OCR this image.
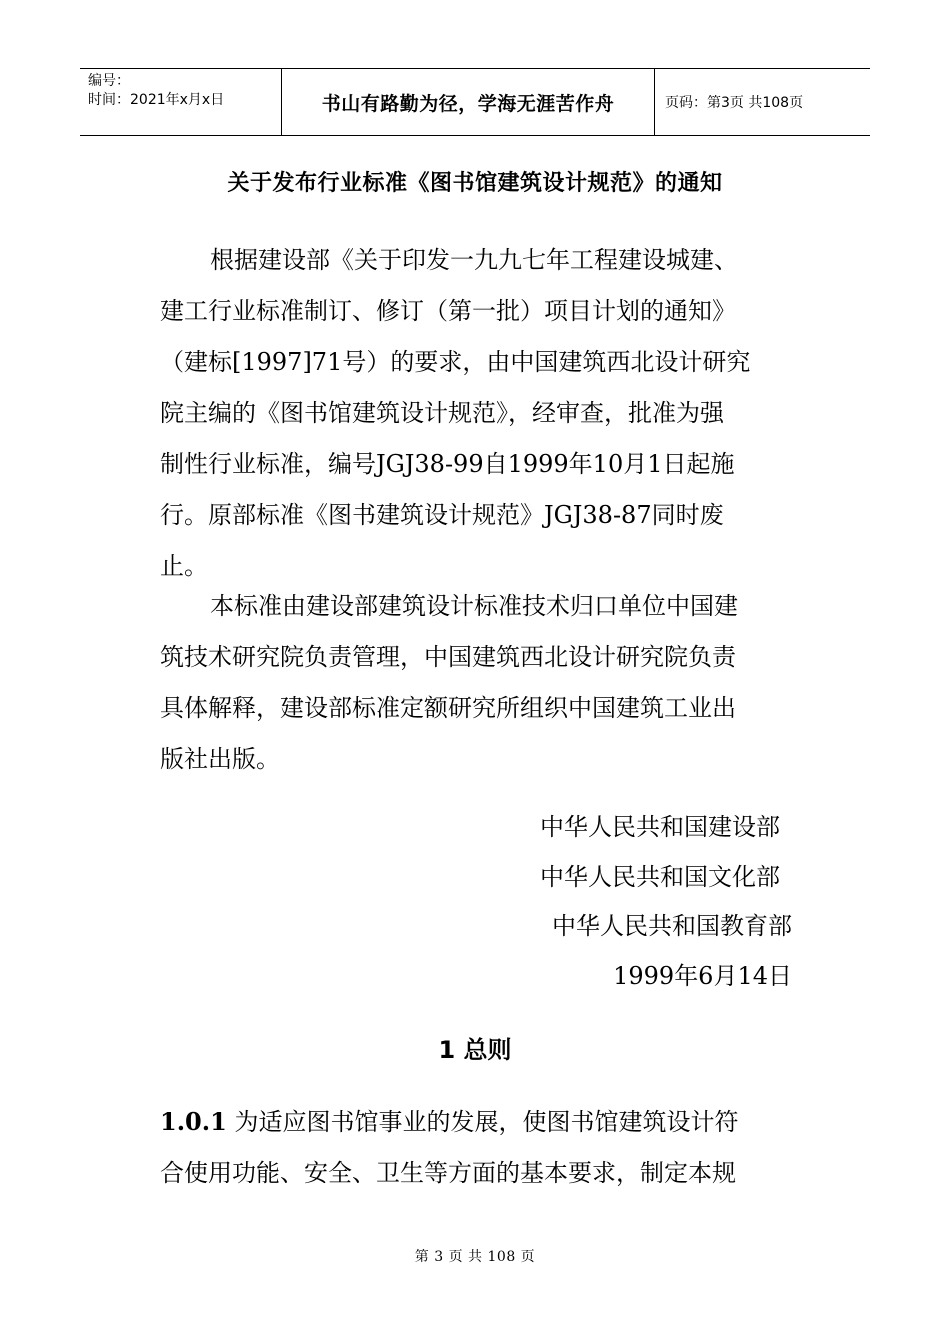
编号：
时间：2021年x月x日	书山有路勤为径，学海无涯苦作舟	页码：第3页 共108页
关于发布行业标准《图书馆建筑设计规范》的通知

根据建设部《关于印发一九九七年工程建设城建、
建工行业标准制订、修订（第一批）项目计划的通知》
（建标[1997]71号）的要求，由中国建筑西北设计研究
院主编的《图书馆建筑设计规范》，经审查，批准为强
制性行业标准，编号JGJ38-99自1999年10月1日起施
行。原部标准《图书建筑设计规范》JGJ38-87同时废
止。

本标准由建设部建筑设计标准技术归口单位中国建
筑技术研究院负责管理，中国建筑西北设计研究院负责
具体解释，建设部标准定额研究所组织中国建筑工业出
版社出版。

中华人民共和国建设部
中华人民共和国文化部
中华人民共和国教育部
1999年6月14日

1 总则

1.0.1 为适应图书馆事业的发展，使图书馆建筑设计符
合使用功能、安全、卫生等方面的基本要求，制定本规

第 3 页 共 108 页
